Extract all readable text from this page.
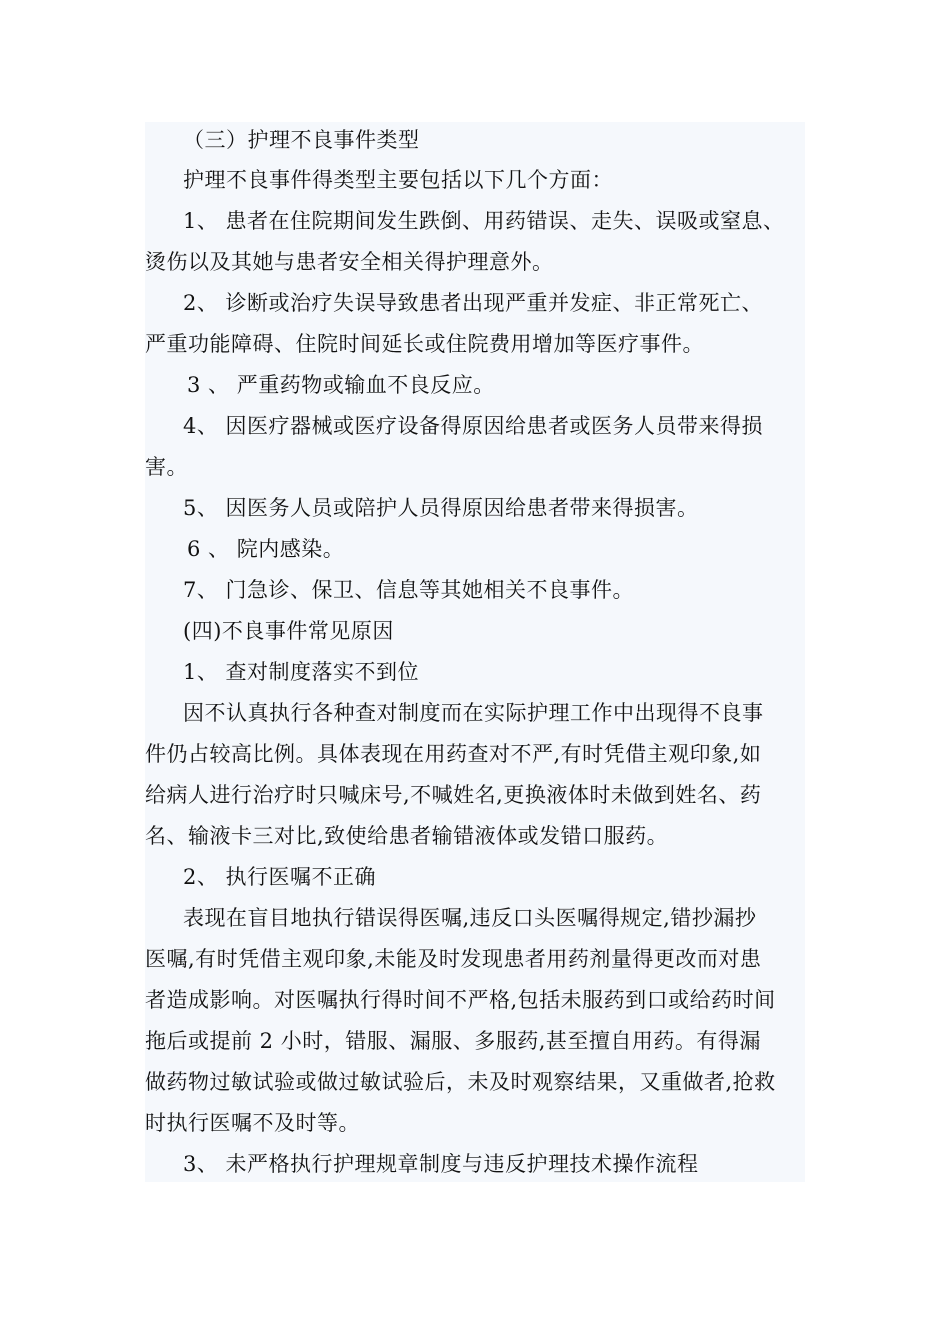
（三）护理不良事件类型
护理不良事件得类型主要包括以下几个方面：
1、 患者在住院期间发生跌倒、用药错误、走失、误吸或窒息、
烫伤以及其她与患者安全相关得护理意外。
2、 诊断或治疗失误导致患者出现严重并发症、非正常死亡、
严重功能障碍、住院时间延长或住院费用增加等医疗事件。
3 、 严重药物或输血不良反应。
4、 因医疗器械或医疗设备得原因给患者或医务人员带来得损
害。
5、 因医务人员或陪护人员得原因给患者带来得损害。
6 、 院内感染。
7、 门急诊、保卫、信息等其她相关不良事件。
(四)不良事件常见原因
1、 查对制度落实不到位
因不认真执行各种查对制度而在实际护理工作中出现得不良事
件仍占较高比例。具体表现在用药查对不严,有时凭借主观印象,如
给病人进行治疗时只喊床号,不喊姓名,更换液体时未做到姓名、药
名、输液卡三对比,致使给患者输错液体或发错口服药。
2、 执行医嘱不正确
表现在盲目地执行错误得医嘱,违反口头医嘱得规定,错抄漏抄
医嘱,有时凭借主观印象,未能及时发现患者用药剂量得更改而对患
者造成影响。对医嘱执行得时间不严格,包括未服药到口或给药时间
拖后或提前 2 小时，错服、漏服、多服药,甚至擅自用药。有得漏
做药物过敏试验或做过敏试验后，未及时观察结果，又重做者,抢救
时执行医嘱不及时等。
3、 未严格执行护理规章制度与违反护理技术操作流程
